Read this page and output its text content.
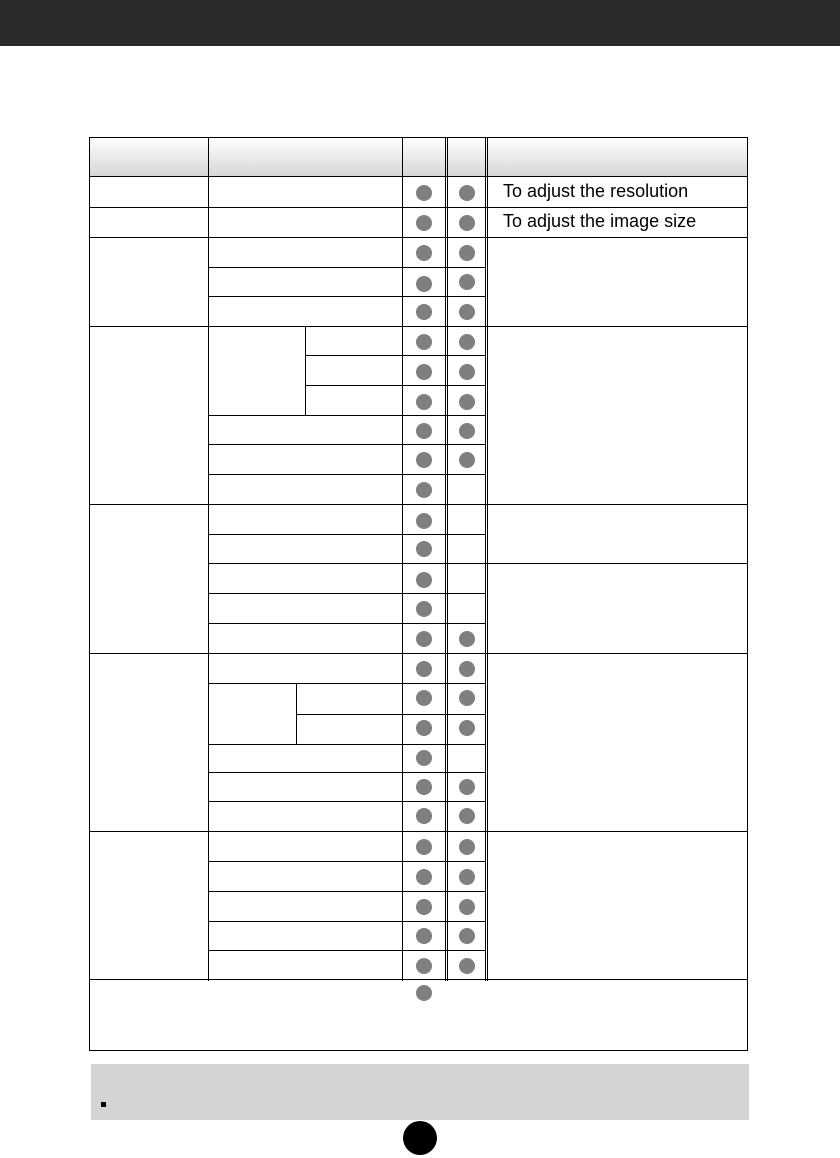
To adjust the resolution
To adjust the image size
